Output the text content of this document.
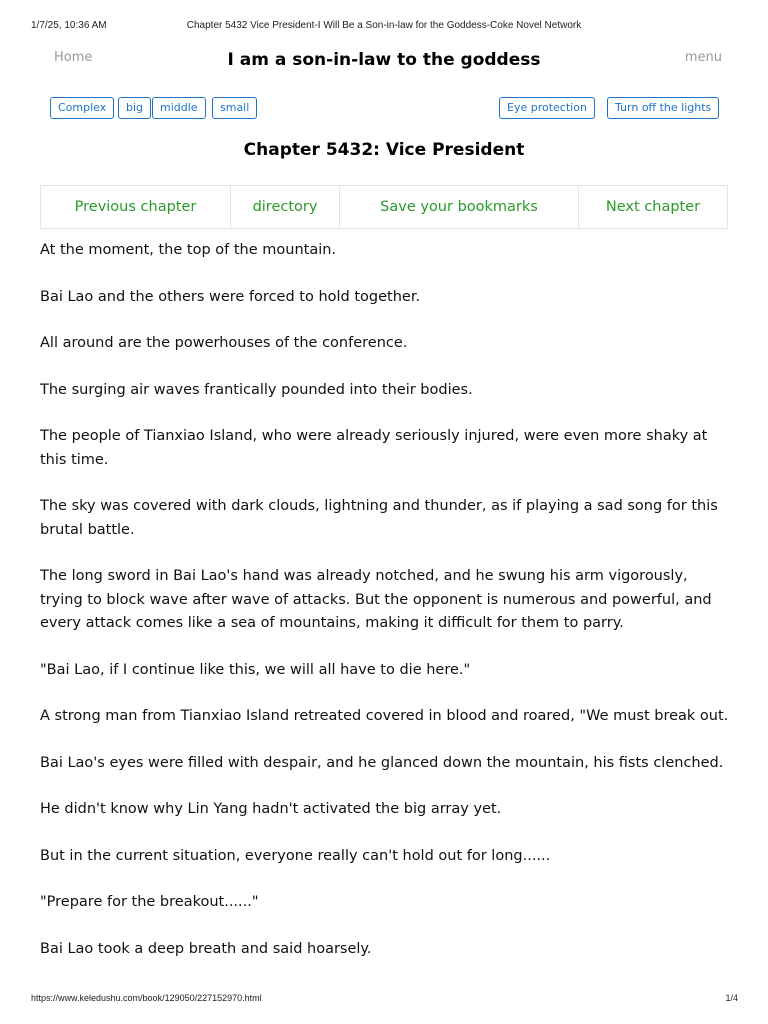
1/7/25, 10:36 AM	Chapter 5432 Vice President-I Will Be a Son-in-law for the Goddess-Coke Novel Network
Home	I am a son-in-law to the goddess	menu
Complex	big	middle	small	Eye protection	Turn off the lights
Chapter 5432: Vice President
Previous chapter	directory	Save your bookmarks	Next chapter

At the moment, the top of the mountain.

Bai Lao and the others were forced to hold together.

All around are the powerhouses of the conference.

The surging air waves frantically pounded into their bodies.

The people of Tianxiao Island, who were already seriously injured, were even more shaky at this time.

The sky was covered with dark clouds, lightning and thunder, as if playing a sad song for this brutal battle.

The long sword in Bai Lao's hand was already notched, and he swung his arm vigorously, trying to block wave after wave of attacks. But the opponent is numerous and powerful, and every attack comes like a sea of mountains, making it difficult for them to parry.

"Bai Lao, if I continue like this, we will all have to die here."

A strong man from Tianxiao Island retreated covered in blood and roared, "We must break out.

Bai Lao's eyes were filled with despair, and he glanced down the mountain, his fists clenched.

He didn't know why Lin Yang hadn't activated the big array yet.

But in the current situation, everyone really can't hold out for long......

"Prepare for the breakout......"

Bai Lao took a deep breath and said hoarsely.

https://www.keledushu.com/book/129050/227152970.html	1/4
